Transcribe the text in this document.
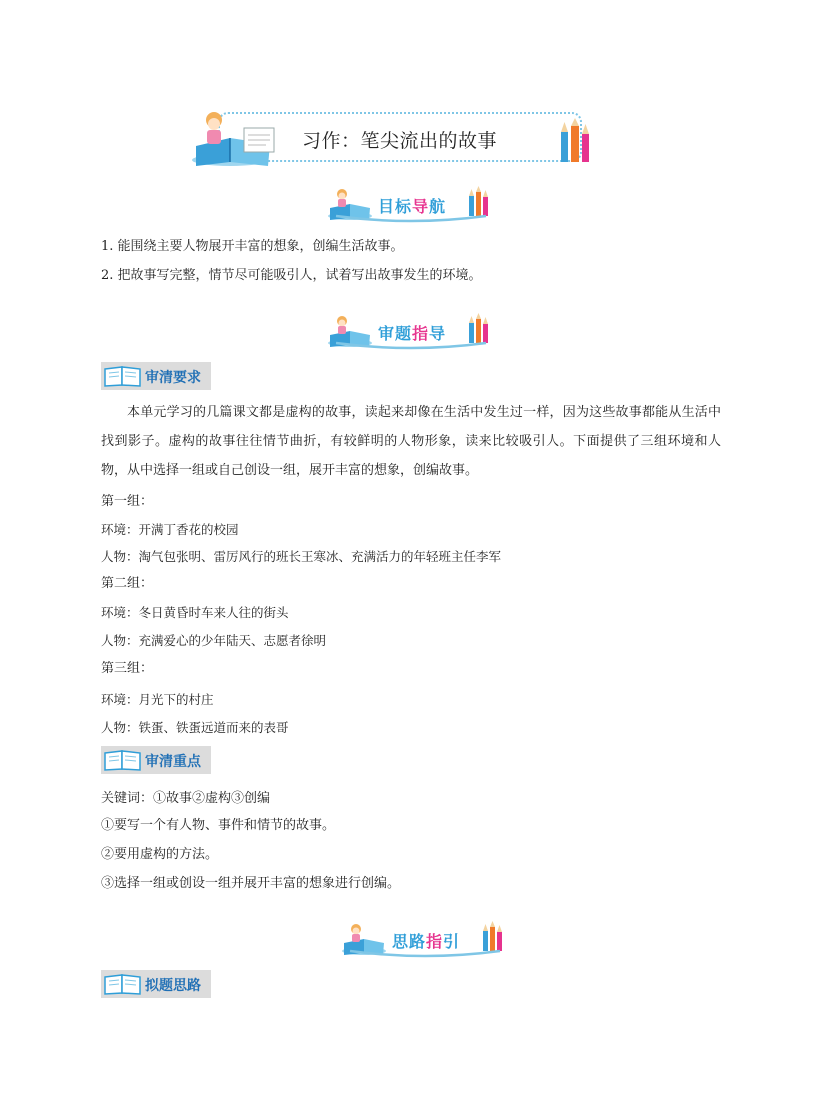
习作：笔尖流出的故事
目标导航
1. 能围绕主要人物展开丰富的想象，创编生活故事。
2. 把故事写完整，情节尽可能吸引人，试着写出故事发生的环境。
审题指导
审清要求
本单元学习的几篇课文都是虚构的故事，读起来却像在生活中发生过一样，因为这些故事都能从生活中找到影子。虚构的故事往往情节曲折，有较鲜明的人物形象，读来比较吸引人。下面提供了三组环境和人物，从中选择一组或自己创设一组，展开丰富的想象，创编故事。
第一组：
环境：开满丁香花的校园
人物：淘气包张明、雷厉风行的班长王寒冰、充满活力的年轻班主任李军
第二组：
环境：冬日黄昏时车来人往的街头
人物：充满爱心的少年陆天、志愿者徐明
第三组：
环境：月光下的村庄
人物：铁蛋、铁蛋远道而来的表哥
审清重点
关键词：①故事②虚构③创编
①要写一个有人物、事件和情节的故事。
②要用虚构的方法。
③选择一组或创设一组并展开丰富的想象进行创编。
思路指引
拟题思路
